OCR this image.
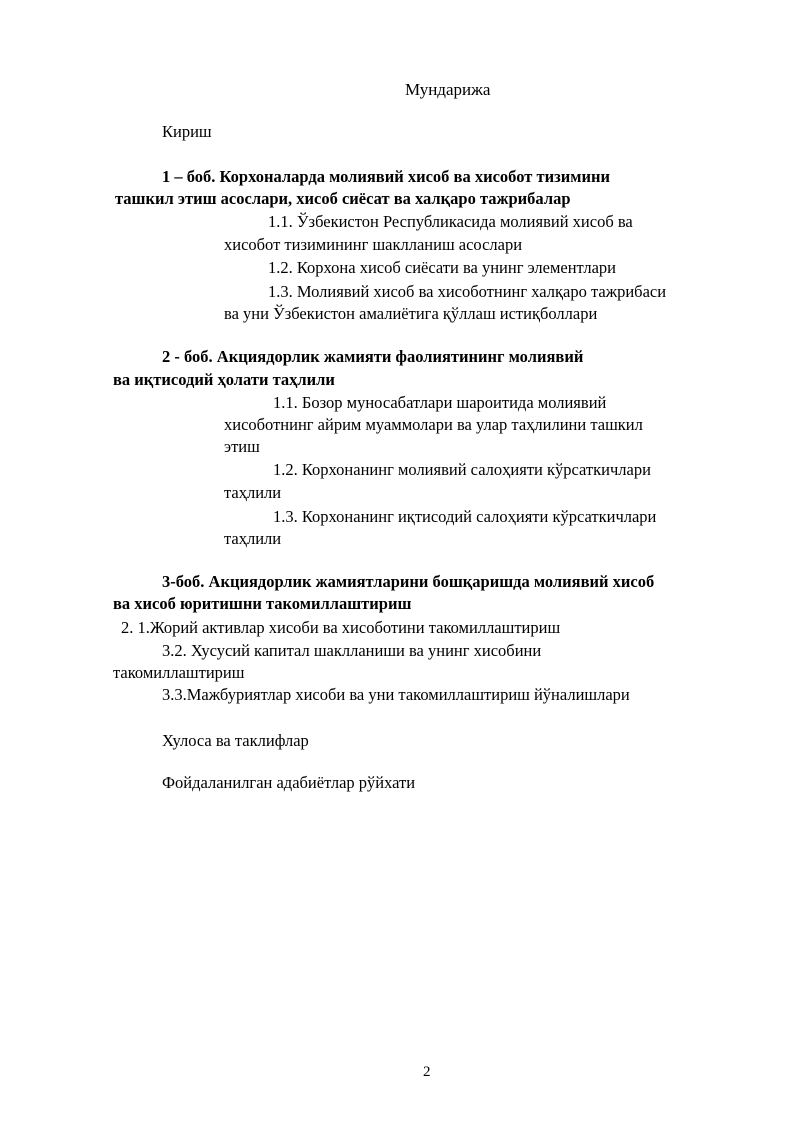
Мундарижа
Кириш
1 – боб. Корхоналарда молиявий хисоб ва хисобот тизимини
ташкил этиш асослари, хисоб сиёсат ва халқаро тажрибалар
1.1. Ўзбекистон Республикасида молиявий хисоб ва
хисобот тизимининг шаклланиш асослари
1.2. Корхона хисоб сиёсати ва унинг элементлари
1.3. Молиявий хисоб ва хисоботнинг халқаро тажрибаси
ва уни Ўзбекистон амалиётига қўллаш истиқболлари
2 - боб. Акциядорлик жамияти фаолиятининг молиявий
ва иқтисодий ҳолати таҳлили
1.1. Бозор муносабатлари шароитида молиявий
хисоботнинг айрим муаммолари ва улар таҳлилини ташкил
этиш
1.2. Корхонанинг молиявий салоҳияти кўрсаткичлари
таҳлили
1.3. Корхонанинг иқтисодий салоҳияти кўрсаткичлари
таҳлили
3-боб. Акциядорлик жамиятларини бошқаришда молиявий хисоб
ва хисоб юритишни такомиллаштириш
2. 1.Жорий активлар хисоби ва хисоботини такомиллаштириш
3.2. Хусусий капитал шаклланиши ва унинг хисобини
такомиллаштириш
3.3.Мажбуриятлар хисоби ва уни такомиллаштириш йўналишлари
Хулоса ва таклифлар
Фойдаланилган адабиётлар рўйхати
2
